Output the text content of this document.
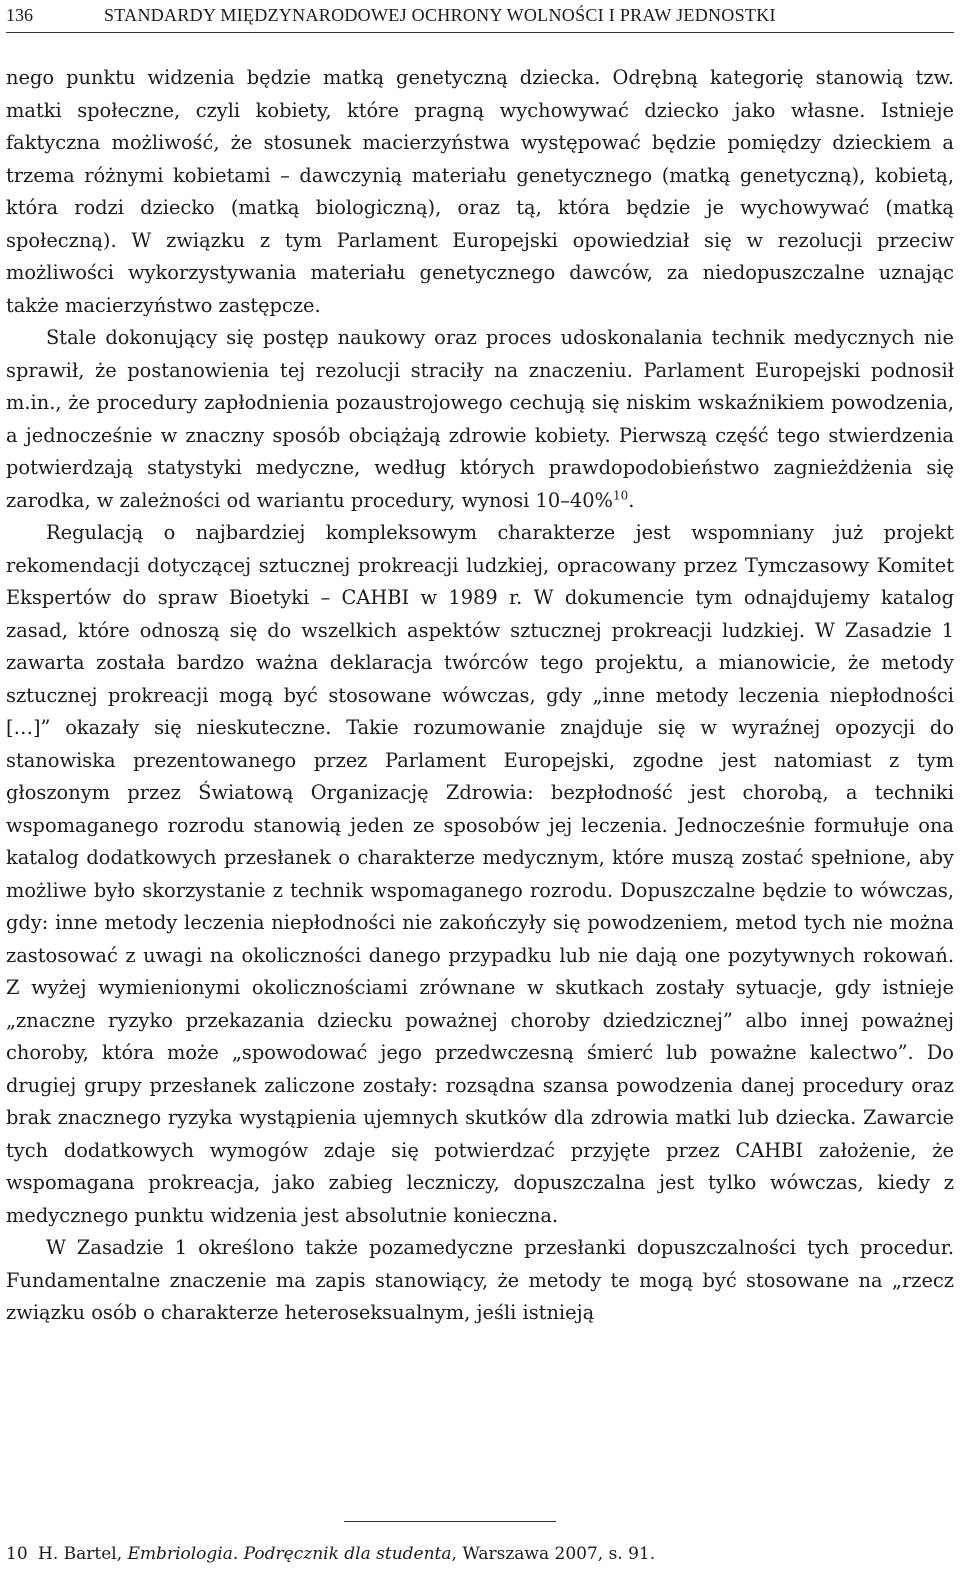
136	STANDARDY MIĘDZYNARODOWEJ OCHRONY WOLNOŚCI I PRAW JEDNOSTKI

nego punktu widzenia będzie matką genetyczną dziecka. Odrębną kategorię stanowią tzw. matki społeczne, czyli kobiety, które pragną wychowywać dziecko jako własne. Istnieje faktyczna możliwość, że stosunek macierzyństwa występować będzie pomiędzy dzieckiem a trzema różnymi kobietami – dawczynią materiału genetycznego (matką genetyczną), kobietą, która rodzi dziecko (matką biologiczną), oraz tą, która będzie je wychowywać (matką społeczną). W związku z tym Parlament Europejski opowiedział się w rezolucji przeciw możliwości wykorzystywania materiału genetycznego dawców, za niedopuszczalne uznając także macierzyństwo zastępcze.

Stale dokonujący się postęp naukowy oraz proces udoskonalania technik medycznych nie sprawił, że postanowienia tej rezolucji straciły na znaczeniu. Parlament Europejski podnosił m.in., że procedury zapłodnienia pozaustrojowego cechują się niskim wskaźnikiem powodzenia, a jednocześnie w znaczny sposób obciążają zdrowie kobiety. Pierwszą część tego stwierdzenia potwierdzają statystyki medyczne, według których prawdopodobieństwo zagnieżdżenia się zarodka, w zależności od wariantu procedury, wynosi 10–40%$^{10}$.

Regulacją o najbardziej kompleksowym charakterze jest wspomniany już projekt rekomendacji dotyczącej sztucznej prokreacji ludzkiej, opracowany przez Tymczasowy Komitet Ekspertów do spraw Bioetyki – CAHBI w 1989 r. W dokumencie tym odnajdujemy katalog zasad, które odnoszą się do wszelkich aspektów sztucznej prokreacji ludzkiej. W Zasadzie 1 zawarta została bardzo ważna deklaracja twórców tego projektu, a mianowicie, że metody sztucznej prokreacji mogą być stosowane wówczas, gdy „inne metody leczenia niepłodności […]” okazały się nieskuteczne. Takie rozumowanie znajduje się w wyraźnej opozycji do stanowiska prezentowanego przez Parlament Europejski, zgodne jest natomiast z tym głoszonym przez Światową Organizację Zdrowia: bezpłodność jest chorobą, a techniki wspomaganego rozrodu stanowią jeden ze sposobów jej leczenia. Jednocześnie formułuje ona katalog dodatkowych przesłanek o charakterze medycznym, które muszą zostać spełnione, aby możliwe było skorzystanie z technik wspomaganego rozrodu. Dopuszczalne będzie to wówczas, gdy: inne metody leczenia niepłodności nie zakończyły się powodzeniem, metod tych nie można zastosować z uwagi na okoliczności danego przypadku lub nie dają one pozytywnych rokowań. Z wyżej wymienionymi okolicznościami zrównane w skutkach zostały sytuacje, gdy istnieje „znaczne ryzyko przekazania dziecku poważnej choroby dziedzicznej” albo innej poważnej choroby, która może „spowodować jego przedwczesną śmierć lub poważne kalectwo”. Do drugiej grupy przesłanek zaliczone zostały: rozsądna szansa powodzenia danej procedury oraz brak znacznego ryzyka wystąpienia ujemnych skutków dla zdrowia matki lub dziecka. Zawarcie tych dodatkowych wymogów zdaje się potwierdzać przyjęte przez CAHBI założenie, że wspomagana prokreacja, jako zabieg leczniczy, dopuszczalna jest tylko wówczas, kiedy z medycznego punktu widzenia jest absolutnie konieczna.

W Zasadzie 1 określono także pozamedyczne przesłanki dopuszczalności tych procedur. Fundamentalne znaczenie ma zapis stanowiący, że metody te mogą być stosowane na „rzecz związku osób o charakterze heteroseksualnym, jeśli istnieją

10 H. Bartel, Embriologia. Podręcznik dla studenta, Warszawa 2007, s. 91.
